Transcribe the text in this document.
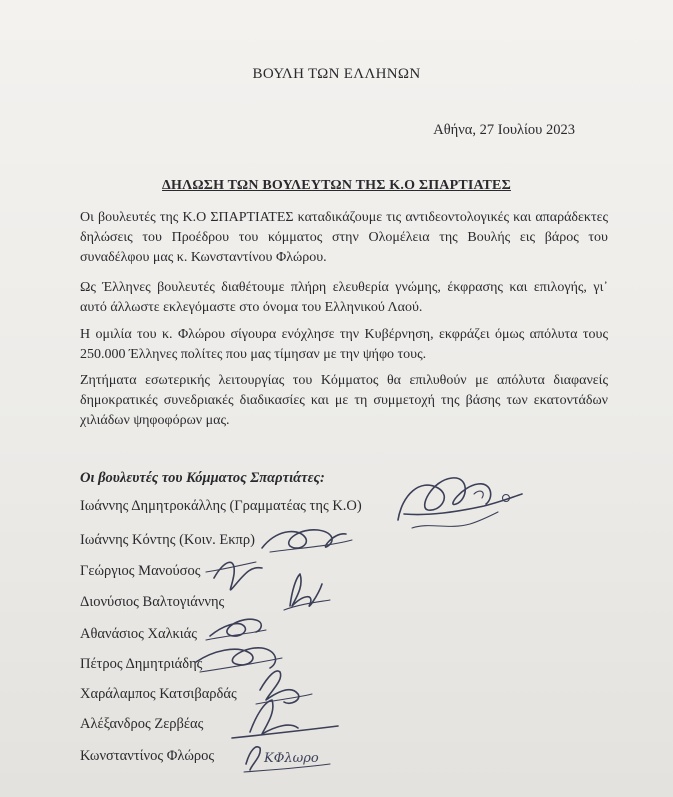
ΒΟΥΛΗ ΤΩΝ ΕΛΛΗΝΩΝ
Αθήνα, 27 Ιουλίου 2023
ΔΗΛΩΣΗ ΤΩΝ ΒΟΥΛΕΥΤΩΝ ΤΗΣ Κ.Ο ΣΠΑΡΤΙΑΤΕΣ
Οι βουλευτές της Κ.Ο ΣΠΑΡΤΙΑΤΕΣ καταδικάζουμε τις αντιδεοντολογικές και απαράδεκτες δηλώσεις του Προέδρου του κόμματος στην Ολομέλεια της Βουλής εις βάρος του συναδέλφου μας κ. Κωνσταντίνου Φλώρου.
Ως Έλληνες βουλευτές διαθέτουμε πλήρη ελευθερία γνώμης, έκφρασης και επιλογής, γι᾽ αυτό άλλωστε εκλεγόμαστε στο όνομα του Ελληνικού Λαού.
Η ομιλία του κ. Φλώρου σίγουρα ενόχλησε την Κυβέρνηση, εκφράζει όμως απόλυτα τους 250.000 Έλληνες πολίτες που μας τίμησαν με την ψήφο τους.
Ζητήματα εσωτερικής λειτουργίας του Κόμματος θα επιλυθούν με απόλυτα διαφανείς δημοκρατικές συνεδριακές διαδικασίες και με τη συμμετοχή της βάσης των εκατοντάδων χιλιάδων ψηφοφόρων μας.
Οι βουλευτές του Κόμματος Σπαρτιάτες:
Ιωάννης Δημητροκάλλης (Γραμματέας της Κ.Ο)
Ιωάννης Κόντης (Κοιν. Εκπρ)
Γεώργιος Μανούσος
Διονύσιος Βαλτογιάννης
Αθανάσιος Χαλκιάς
Πέτρος Δημητριάδης
Χαράλαμπος Κατσιβαρδάς
Αλέξανδρος Ζερβέας
Κωνσταντίνος Φλώρος	ΚΦλωρο
